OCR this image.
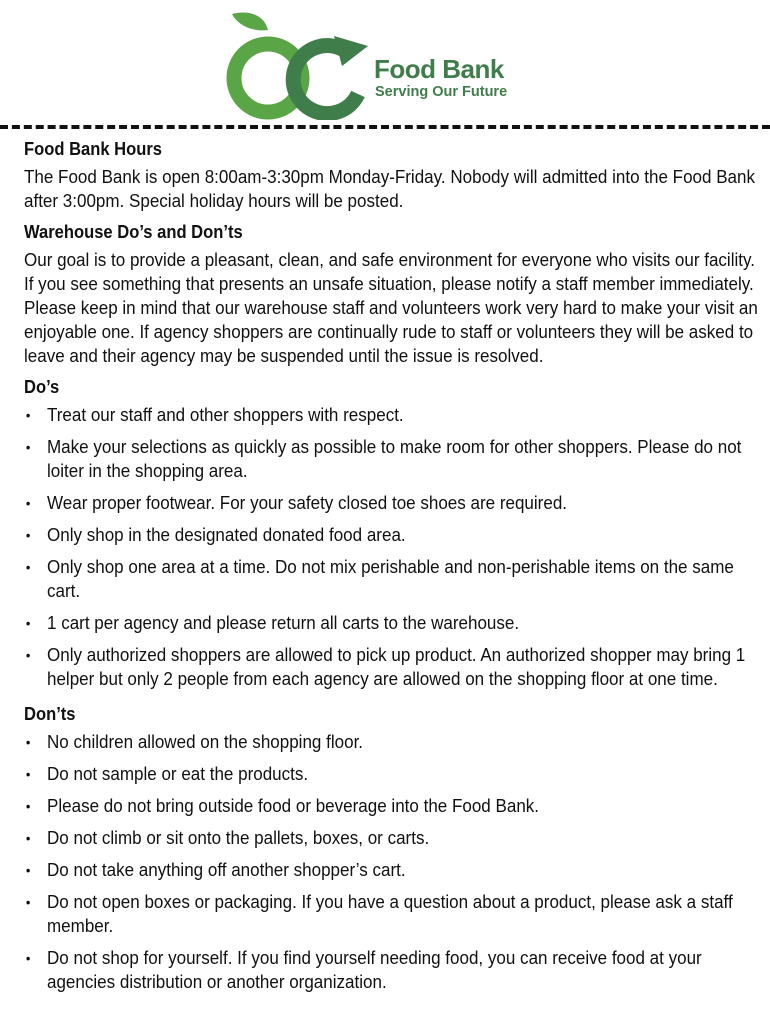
Food Bank
Serving Our Future
Food Bank Hours

The Food Bank is open 8:00am-3:30pm Monday-Friday. Nobody will admitted into the Food Bank after 3:00pm. Special holiday hours will be posted.

Warehouse Do’s and Don’ts

Our goal is to provide a pleasant, clean, and safe environment for everyone who visits our facility. If you see something that presents an unsafe situation, please notify a staff member immediately. Please keep in mind that our warehouse staff and volunteers work very hard to make your visit an enjoyable one. If agency shoppers are continually rude to staff or volunteers they will be asked to leave and their agency may be suspended until the issue is resolved.

Do’s
• Treat our staff and other shoppers with respect.
• Make your selections as quickly as possible to make room for other shoppers. Please do not loiter in the shopping area.
• Wear proper footwear. For your safety closed toe shoes are required.
• Only shop in the designated donated food area.
• Only shop one area at a time. Do not mix perishable and non-perishable items on the same cart.
• 1 cart per agency and please return all carts to the warehouse.
• Only authorized shoppers are allowed to pick up product. An authorized shopper may bring 1 helper but only 2 people from each agency are allowed on the shopping floor at one time.
Don’ts
• No children allowed on the shopping floor.
• Do not sample or eat the products.
• Please do not bring outside food or beverage into the Food Bank.
• Do not climb or sit onto the pallets, boxes, or carts.
• Do not take anything off another shopper’s cart.
• Do not open boxes or packaging. If you have a question about a product, please ask a staff member.
• Do not shop for yourself. If you find yourself needing food, you can receive food at your agencies distribution or another organization.
